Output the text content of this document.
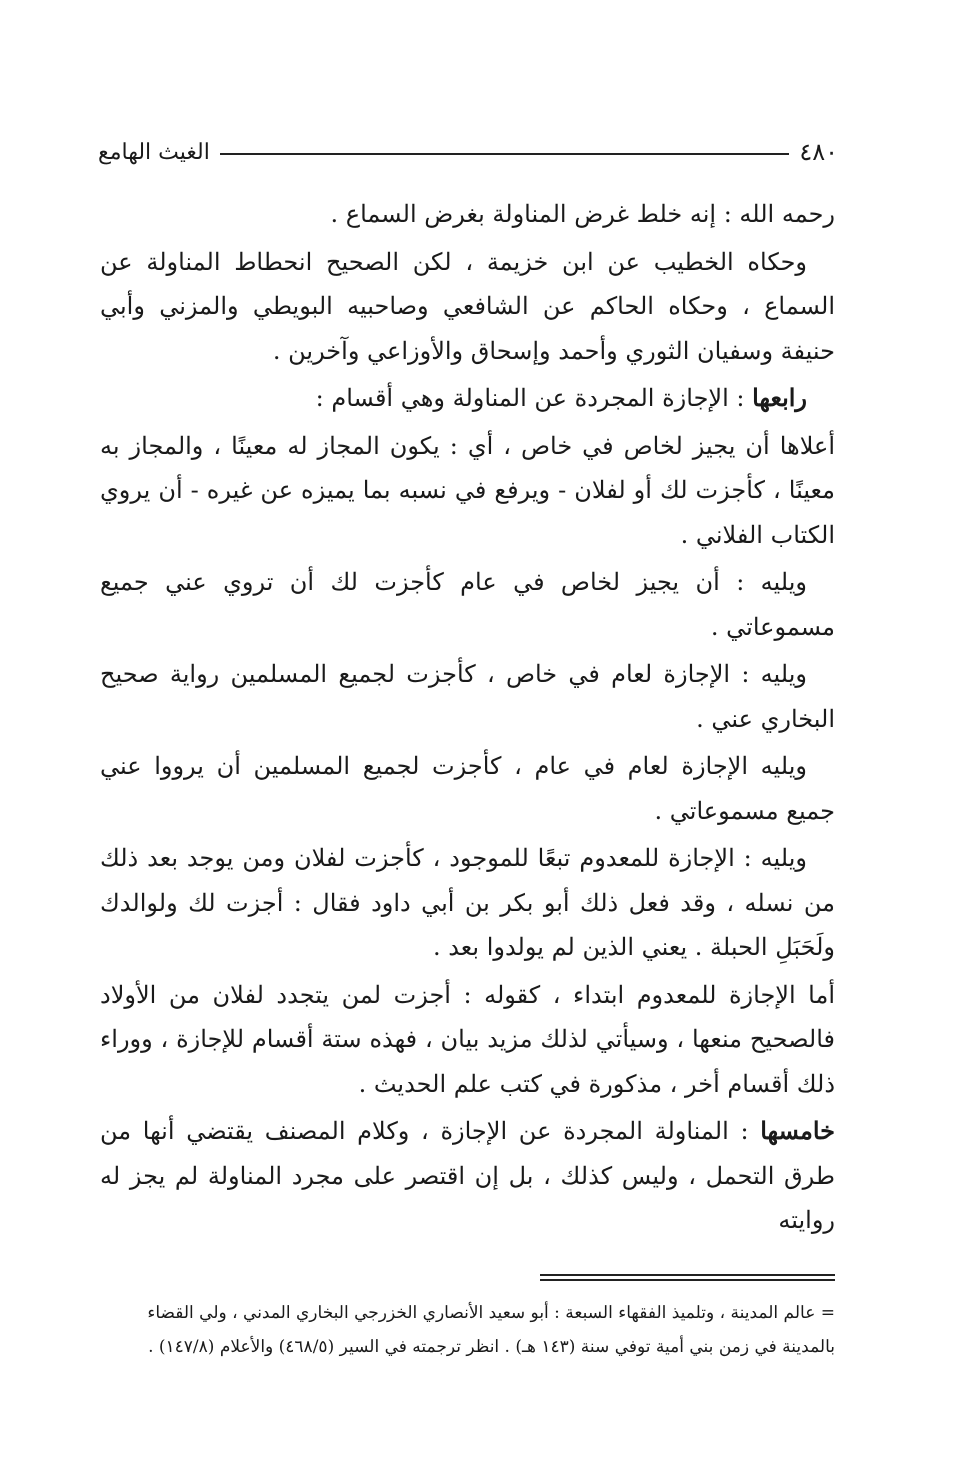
٤٨٠
الغيث الهامع

رحمه الله : إنه خلط غرض المناولة بغرض السماع .

وحكاه الخطيب عن ابن خزيمة ، لكن الصحيح انحطاط المناولة عن السماع ، وحكاه الحاكم عن الشافعي وصاحبيه البويطي والمزني وأبي حنيفة وسفيان الثوري وأحمد وإسحاق والأوزاعي وآخرين .

رابعها : الإجازة المجردة عن المناولة وهي أقسام :

أعلاها أن يجيز لخاص في خاص ، أي : يكون المجاز له معينًا ، والمجاز به معينًا ، كأجزت لك أو لفلان - ويرفع في نسبه بما يميزه عن غيره - أن يروي الكتاب الفلاني .

ويليه : أن يجيز لخاص في عام كأجزت لك أن تروي عني جميع مسموعاتي .

ويليه : الإجازة لعام في خاص ، كأجزت لجميع المسلمين رواية صحيح البخاري عني .

ويليه الإجازة لعام في عام ، كأجزت لجميع المسلمين أن يرووا عني جميع مسموعاتي .

ويليه : الإجازة للمعدوم تبعًا للموجود ، كأجزت لفلان ومن يوجد بعد ذلك من نسله ، وقد فعل ذلك أبو بكر بن أبي داود فقال : أجزت لك ولوالدك ولَحَبَلِ الحبلة . يعني الذين لم يولدوا بعد .

أما الإجازة للمعدوم ابتداء ، كقوله : أجزت لمن يتجدد لفلان من الأولاد فالصحيح منعها ، وسيأتي لذلك مزيد بيان ، فهذه ستة أقسام للإجازة ، ووراء ذلك أقسام أخر ، مذكورة في كتب علم الحديث .

خامسها : المناولة المجردة عن الإجازة ، وكلام المصنف يقتضي أنها من طرق التحمل ، وليس كذلك ، بل إن اقتصر على مجرد المناولة لم يجز له روايته

= عالم المدينة ، وتلميذ الفقهاء السبعة : أبو سعيد الأنصاري الخزرجي البخاري المدني ، ولي القضاء

بالمدينة في زمن بني أمية توفي سنة (١٤٣ هـ) . انظر ترجمته في السير (٤٦٨/٥) والأعلام (١٤٧/٨) .
